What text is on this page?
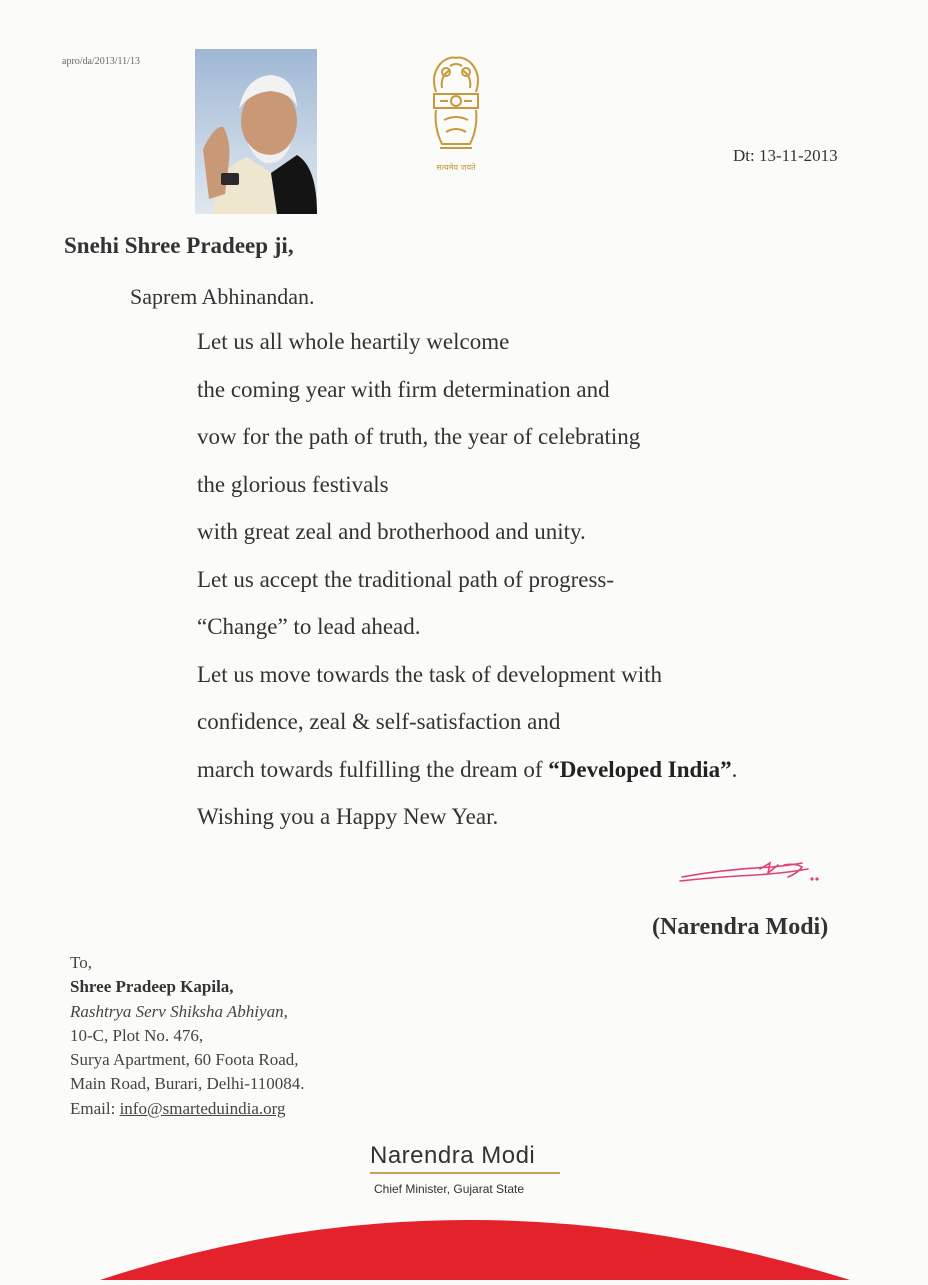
apro/da/2013/11/13
सत्यमेव जयते
Dt: 13-11-2013
Snehi Shree Pradeep ji,
Saprem Abhinandan.
Let us all whole heartily welcome
the coming year with firm determination and
vow for the path of truth, the year of celebrating
the glorious festivals
with great zeal and brotherhood and unity.
Let us accept the traditional path of progress-
“Change” to lead ahead.
Let us move towards the task of development with
confidence, zeal & self-satisfaction and
march towards fulfilling the dream of “Developed India”.
Wishing you a Happy New Year.
(Narendra Modi)
To,
Shree Pradeep Kapila,
Rashtrya Serv Shiksha Abhiyan,
10-C, Plot No. 476,
Surya Apartment, 60 Foota Road,
Main Road, Burari, Delhi-110084.
Email: info@smarteduindia.org
Narendra Modi
Chief Minister, Gujarat State
